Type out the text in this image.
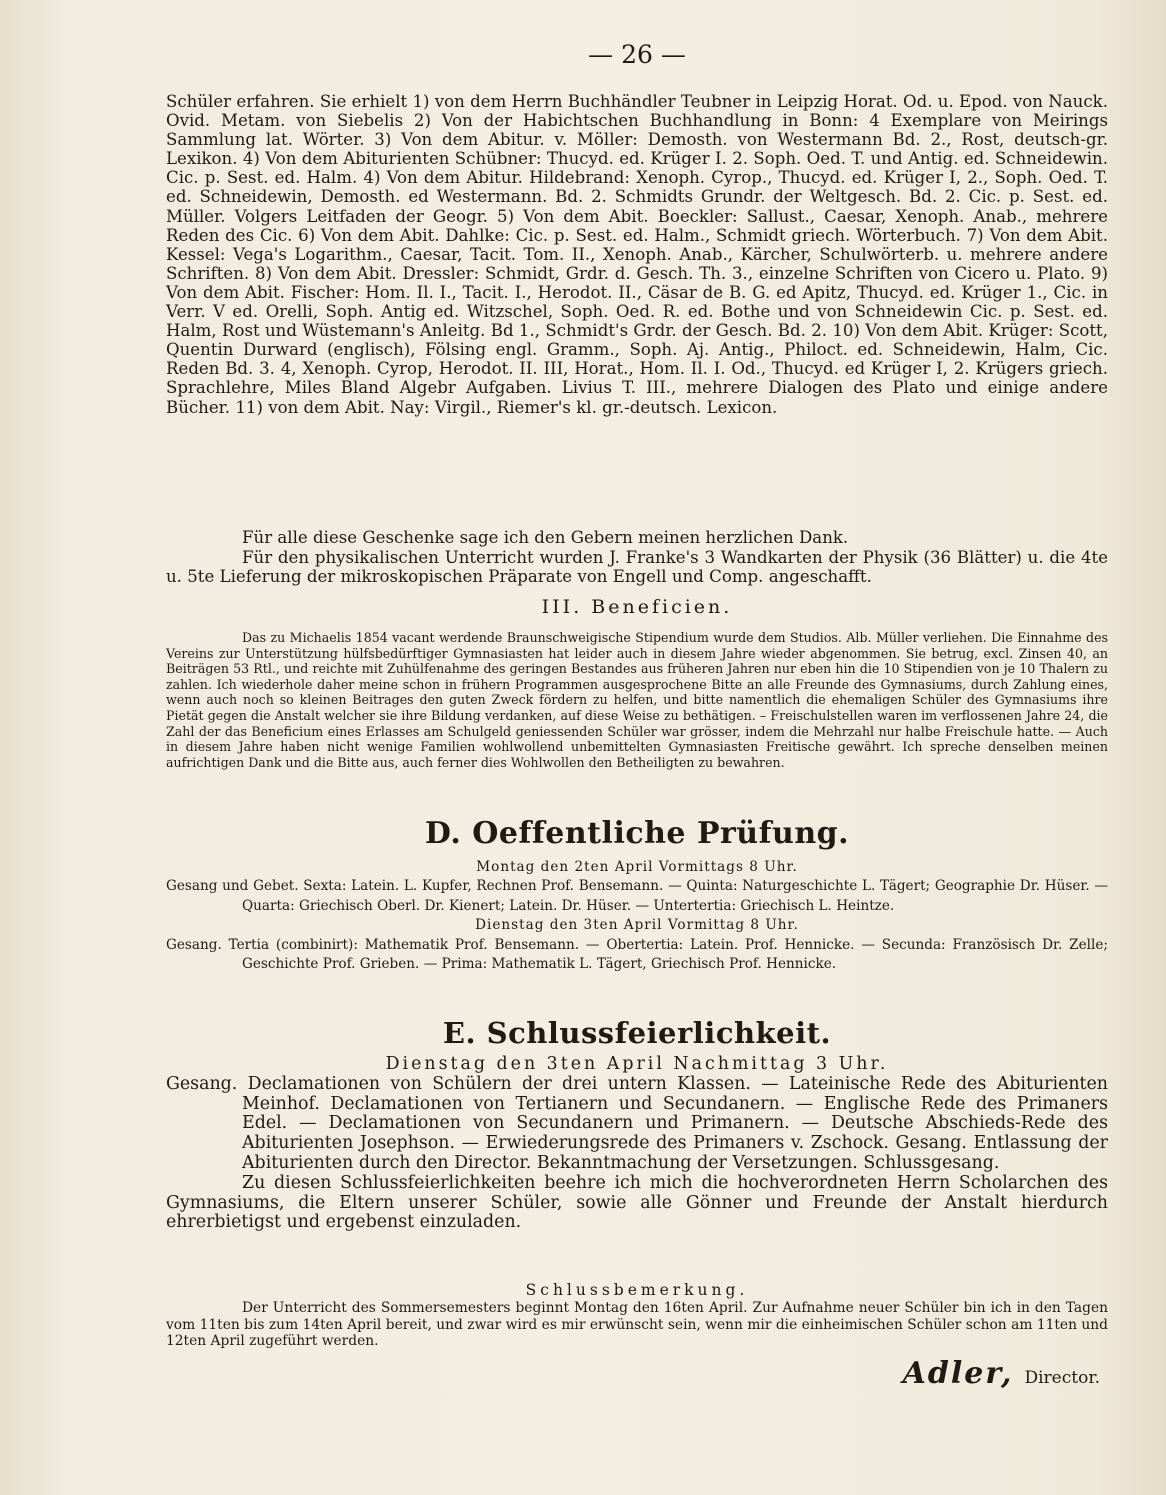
— 26 —

Schüler erfahren. Sie erhielt 1) von dem Herrn Buchhändler Teubner in Leipzig Horat. Od. u. Epod. von Nauck. Ovid. Metam. von Siebelis 2) Von der Habichtschen Buchhandlung in Bonn: 4 Exemplare von Meirings Sammlung lat. Wörter. 3) Von dem Abitur. v. Möller: Demosth. von Westermann Bd. 2., Rost, deutsch-gr. Lexikon. 4) Von dem Abiturienten Schübner: Thucyd. ed. Krüger I. 2. Soph. Oed. T. und Antig. ed. Schneidewin. Cic. p. Sest. ed. Halm. 4) Von dem Abitur. Hildebrand: Xenoph. Cyrop., Thucyd. ed. Krüger I, 2., Soph. Oed. T. ed. Schneidewin, Demosth. ed Westermann. Bd. 2. Schmidts Grundr. der Weltgesch. Bd. 2. Cic. p. Sest. ed. Müller. Volgers Leitfaden der Geogr. 5) Von dem Abit. Boeckler: Sallust., Caesar, Xenoph. Anab., mehrere Reden des Cic. 6) Von dem Abit. Dahlke: Cic. p. Sest. ed. Halm., Schmidt griech. Wörterbuch. 7) Von dem Abit. Kessel: Vega's Logarithm., Caesar, Tacit. Tom. II., Xenoph. Anab., Kärcher, Schulwörterb. u. mehrere andere Schriften. 8) Von dem Abit. Dressler: Schmidt, Grdr. d. Gesch. Th. 3., einzelne Schriften von Cicero u. Plato. 9) Von dem Abit. Fischer: Hom. Il. I., Tacit. I., Herodot. II., Cäsar de B. G. ed Apitz, Thucyd. ed. Krüger 1., Cic. in Verr. V ed. Orelli, Soph. Antig ed. Witzschel, Soph. Oed. R. ed. Bothe und von Schneidewin Cic. p. Sest. ed. Halm, Rost und Wüstemann's Anleitg. Bd 1., Schmidt's Grdr. der Gesch. Bd. 2. 10) Von dem Abit. Krüger: Scott, Quentin Durward (englisch), Fölsing engl. Gramm., Soph. Aj. Antig., Philoct. ed. Schneidewin, Halm, Cic. Reden Bd. 3. 4, Xenoph. Cyrop, Herodot. II. III, Horat., Hom. Il. I. Od., Thucyd. ed Krüger I, 2. Krügers griech. Sprachlehre, Miles Bland Algebr Aufgaben. Livius T. III., mehrere Dialogen des Plato und einige andere Bücher. 11) von dem Abit. Nay: Virgil., Riemer's kl. gr.-deutsch. Lexicon.

Für alle diese Geschenke sage ich den Gebern meinen herzlichen Dank.

Für den physikalischen Unterricht wurden J. Franke's 3 Wandkarten der Physik (36 Blätter) u. die 4te u. 5te Lieferung der mikroskopischen Präparate von Engell und Comp. angeschafft.

III. Beneficien.

Das zu Michaelis 1854 vacant werdende Braunschweigische Stipendium wurde dem Studios. Alb. Müller verliehen. Die Einnahme des Vereins zur Unterstützung hülfsbedürftiger Gymnasiasten hat leider auch in diesem Jahre wieder abgenommen. Sie betrug, excl. Zinsen 40, an Beiträgen 53 Rtl., und reichte mit Zuhülfenahme des geringen Bestandes aus früheren Jahren nur eben hin die 10 Stipendien von je 10 Thalern zu zahlen. Ich wiederhole daher meine schon in frühern Programmen ausgesprochene Bitte an alle Freunde des Gymnasiums, durch Zahlung eines, wenn auch noch so kleinen Beitrages den guten Zweck fördern zu helfen, und bitte namentlich die ehemaligen Schüler des Gymnasiums ihre Pietät gegen die Anstalt welcher sie ihre Bildung verdanken, auf diese Weise zu bethätigen. – Freischulstellen waren im verflossenen Jahre 24, die Zahl der das Beneficium eines Erlasses am Schulgeld geniessenden Schüler war grösser, indem die Mehrzahl nur halbe Freischule hatte. — Auch in diesem Jahre haben nicht wenige Familien wohlwollend unbemittelten Gymnasiasten Freitische gewährt. Ich spreche denselben meinen aufrichtigen Dank und die Bitte aus, auch ferner dies Wohlwollen den Betheiligten zu bewahren.

D. Oeffentliche Prüfung.

Montag den 2ten April Vormittags 8 Uhr.

Gesang und Gebet. Sexta: Latein. L. Kupfer, Rechnen Prof. Bensemann. — Quinta: Naturgeschichte L. Tägert; Geographie Dr. Hüser. — Quarta: Griechisch Oberl. Dr. Kienert; Latein. Dr. Hüser. — Untertertia: Griechisch L. Heintze.

Dienstag den 3ten April Vormittag 8 Uhr.

Gesang. Tertia (combinirt): Mathematik Prof. Bensemann. — Obertertia: Latein. Prof. Hennicke. — Secunda: Französisch Dr. Zelle; Geschichte Prof. Grieben. — Prima: Mathematik L. Tägert, Griechisch Prof. Hennicke.

E. Schlussfeierlichkeit.

Dienstag den 3ten April Nachmittag 3 Uhr.

Gesang. Declamationen von Schülern der drei untern Klassen. — Lateinische Rede des Abiturienten Meinhof. Declamationen von Tertianern und Secundanern. — Englische Rede des Primaners Edel. — Declamationen von Secundanern und Primanern. — Deutsche Abschieds-Rede des Abiturienten Josephson. — Erwiederungsrede des Primaners v. Zschock. Gesang. Entlassung der Abiturienten durch den Director. Bekanntmachung der Versetzungen. Schlussgesang.

Zu diesen Schlussfeierlichkeiten beehre ich mich die hochverordneten Herrn Scholarchen des Gymnasiums, die Eltern unserer Schüler, sowie alle Gönner und Freunde der Anstalt hierdurch ehrerbietigst und ergebenst einzuladen.

Schlussbemerkung.

Der Unterricht des Sommersemesters beginnt Montag den 16ten April. Zur Aufnahme neuer Schüler bin ich in den Tagen vom 11ten bis zum 14ten April bereit, und zwar wird es mir erwünscht sein, wenn mir die einheimischen Schüler schon am 11ten und 12ten April zugeführt werden.

Adler, Director.
